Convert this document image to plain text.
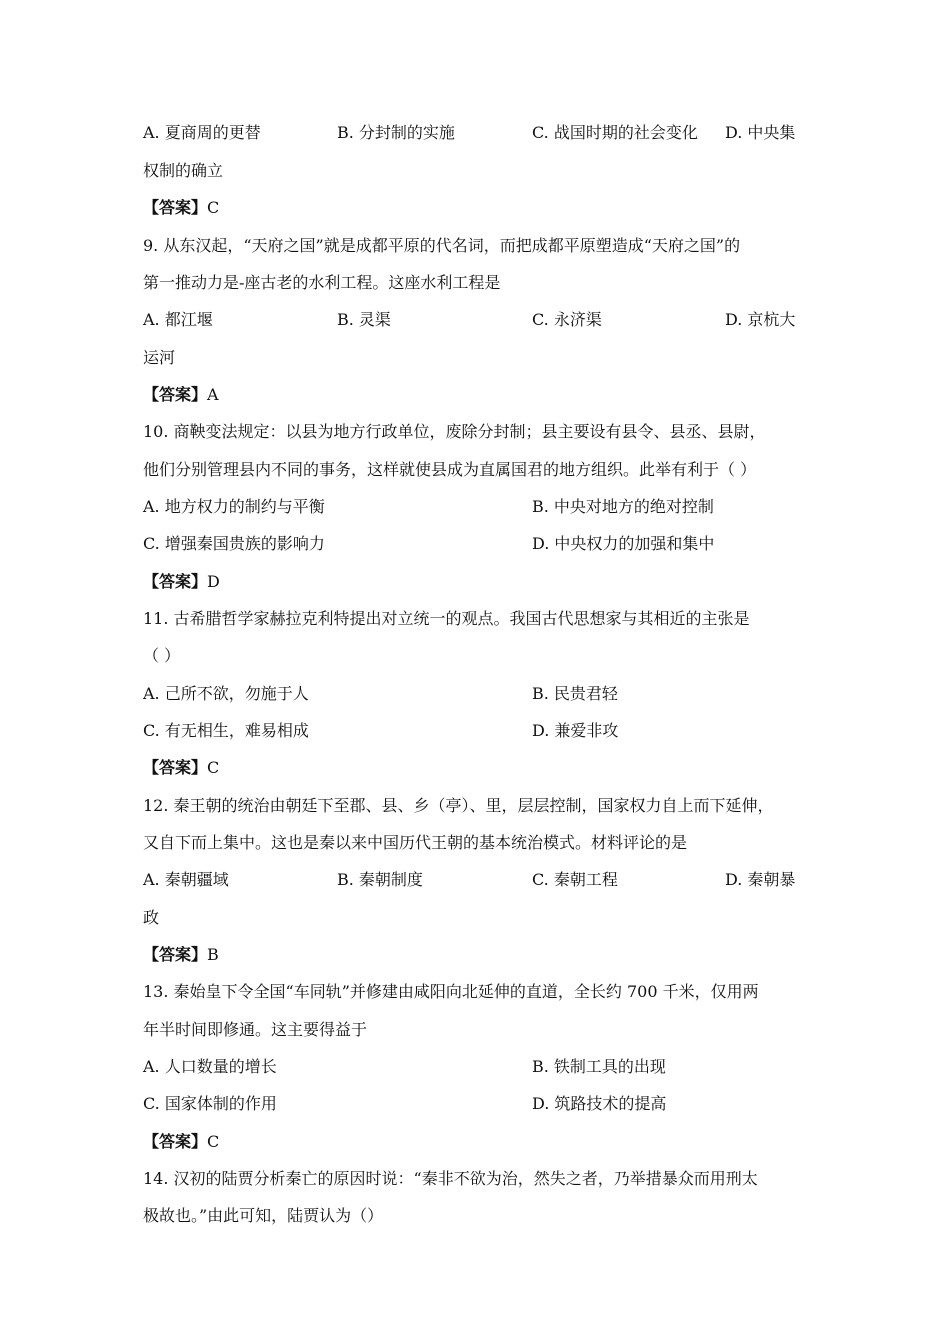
A. 夏商周的更替	B. 分封制的实施	C. 战国时期的社会变化 D. 中央集
权制的确立
【答案】C
9. 从东汉起，“天府之国”就是成都平原的代名词，而把成都平原塑造成“天府之国”的
第一推动力是-座古老的水利工程。这座水利工程是
A. 都江堰	B. 灵渠	C. 永济渠	D. 京杭大
运河
【答案】A
10. 商鞅变法规定：以县为地方行政单位，废除分封制；县主要设有县令、县丞、县尉，
他们分别管理县内不同的事务，这样就使县成为直属国君的地方组织。此举有利于（ ）
A. 地方权力的制约与平衡	B. 中央对地方的绝对控制
C. 增强秦国贵族的影响力	D. 中央权力的加强和集中
【答案】D
11. 古希腊哲学家赫拉克利特提出对立统一的观点。我国古代思想家与其相近的主张是
（ ）
A. 己所不欲，勿施于人	B. 民贵君轻
C. 有无相生，难易相成	D. 兼爱非攻
【答案】C
12. 秦王朝的统治由朝廷下至郡、县、乡（亭）、里，层层控制，国家权力自上而下延伸，
又自下而上集中。这也是秦以来中国历代王朝的基本统治模式。材料评论的是
A. 秦朝疆域	B. 秦朝制度	C. 秦朝工程	D. 秦朝暴
政
【答案】B
13. 秦始皇下令全国“车同轨”并修建由咸阳向北延伸的直道，全长约 700 千米，仅用两
年半时间即修通。这主要得益于
A. 人口数量的增长	B. 铁制工具的出现
C. 国家体制的作用	D. 筑路技术的提高
【答案】C
14. 汉初的陆贾分析秦亡的原因时说：“秦非不欲为治，然失之者，乃举措暴众而用刑太
极故也。”由此可知，陆贾认为（）
